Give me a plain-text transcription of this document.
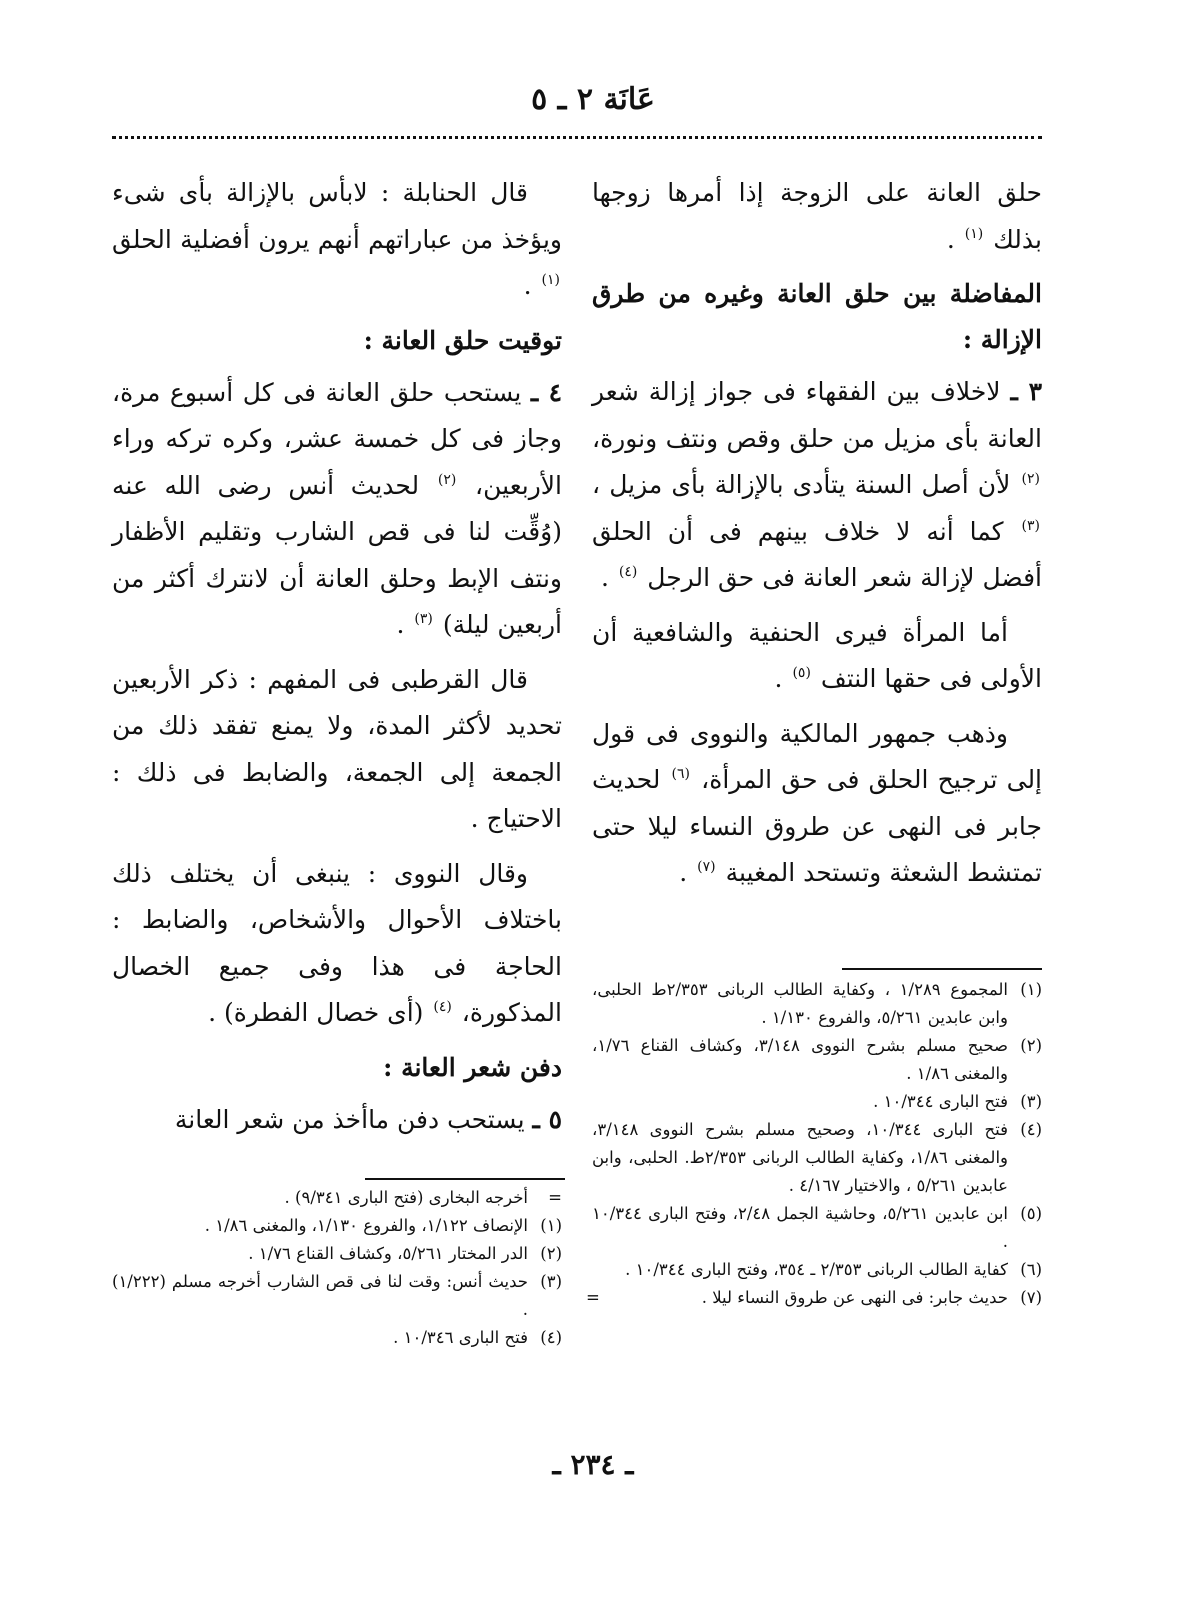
عَانَة ٢ ـ ٥

حلق العانة على الزوجة إذا أمرها زوجها بذلك $^{(١)}$ .

المفاضلة بين حلق العانة وغيره من طرق الإزالة :

٣ ـ لاخلاف بين الفقهاء فى جواز إزالة شعر العانة بأى مزيل من حلق وقص ونتف ونورة، $^{(٢)}$ لأن أصل السنة يتأدى بالإزالة بأى مزيل ، $^{(٣)}$ كما أنه لا خلاف بينهم فى أن الحلق أفضل لإزالة شعر العانة فى حق الرجل $^{(٤)}$ .

أما المرأة فيرى الحنفية والشافعية أن الأولى فى حقها النتف $^{(٥)}$ .

وذهب جمهور المالكية والنووى فى قول إلى ترجيح الحلق فى حق المرأة، $^{(٦)}$ لحديث جابر فى النهى عن طروق النساء ليلا حتى تمتشط الشعثة وتستحد المغيبة $^{(٧)}$ .

قال الحنابلة : لابأس بالإزالة بأى شىء ويؤخذ من عباراتهم أنهم يرون أفضلية الحلق $^{(١)}$ .

توقيت حلق العانة :

٤ ـ يستحب حلق العانة فى كل أسبوع مرة، وجاز فى كل خمسة عشر، وكره تركه وراء الأربعين، $^{(٢)}$ لحديث أنس رضى الله عنه (وُقِّت لنا فى قص الشارب وتقليم الأظفار ونتف الإبط وحلق العانة أن لانترك أكثر من أربعين ليلة) $^{(٣)}$ .

قال القرطبى فى المفهم : ذكر الأربعين تحديد لأكثر المدة، ولا يمنع تفقد ذلك من الجمعة إلى الجمعة، والضابط فى ذلك : الاحتياج .

وقال النووى : ينبغى أن يختلف ذلك باختلاف الأحوال والأشخاص، والضابط : الحاجة فى هذا وفى جميع الخصال المذكورة، $^{(٤)}$ (أى خصال الفطرة) .

دفن شعر العانة :

٥ ـ يستحب دفن ماأخذ من شعر العانة

(١)
المجموع ١/٢٨٩ ، وكفاية الطالب الربانى ٢/٣٥٣ط الحلبى، وابن عابدين ٥/٢٦١، والفروع ١/١٣٠ .
(٢)
صحيح مسلم بشرح النووى ٣/١٤٨، وكشاف القناع ١/٧٦، والمغنى ١/٨٦ .
(٣)
فتح البارى ١٠/٣٤٤ .
(٤)
فتح البارى ١٠/٣٤٤، وصحيح مسلم بشرح النووى ٣/١٤٨، والمغنى ١/٨٦، وكفاية الطالب الربانى ٢/٣٥٣ط. الحلبى، وابن عابدين ٥/٢٦١ ، والاختيار ٤/١٦٧ .
(٥)
ابن عابدين ٥/٢٦١، وحاشية الجمل ٢/٤٨، وفتح البارى ١٠/٣٤٤ .
(٦)
كفاية الطالب الربانى ٢/٣٥٣ ـ ٣٥٤، وفتح البارى ١٠/٣٤٤ .
(٧)
حديث جابر: فى النهى عن طروق النساء ليلا .
=
=
أخرجه البخارى (فتح البارى ٩/٣٤١) .
(١)
الإنصاف ١/١٢٢، والفروع ١/١٣٠، والمغنى ١/٨٦ .
(٢)
الدر المختار ٥/٢٦١، وكشاف القناع ١/٧٦ .
(٣)
حديث أنس: وقت لنا فى قص الشارب أخرجه مسلم (١/٢٢٢) .
(٤)
فتح البارى ١٠/٣٤٦ .
ـ ٢٣٤ ـ
